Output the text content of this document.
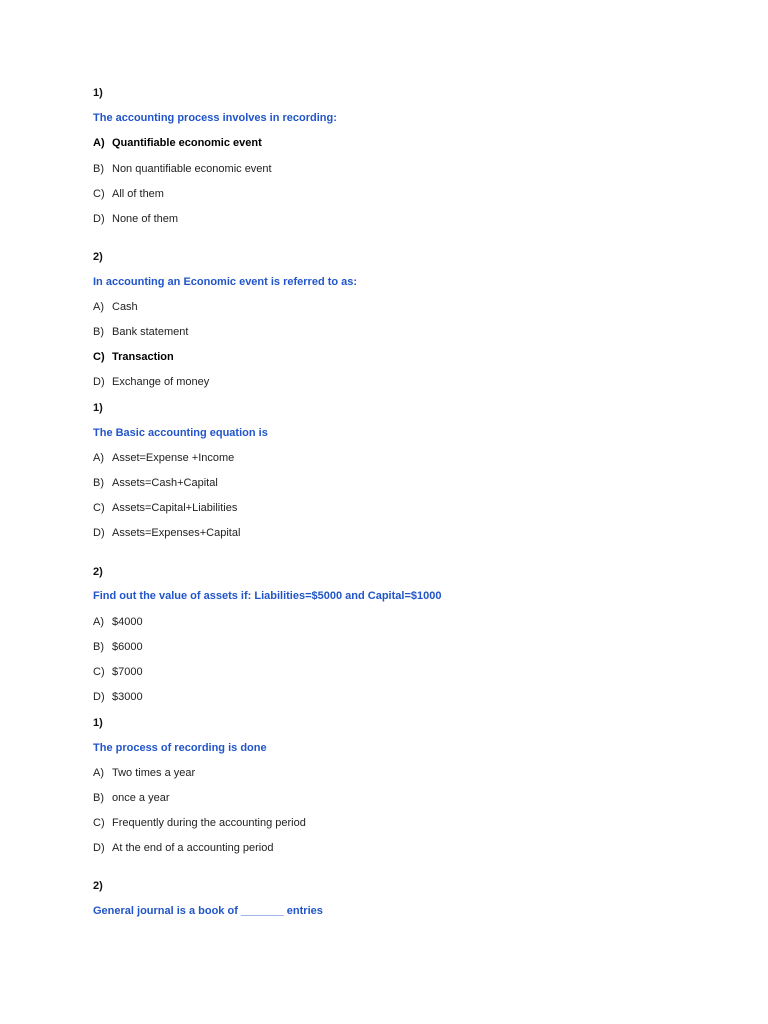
1)
The accounting process involves in recording:
A) Quantifiable economic event
B) Non quantifiable economic event
C) All of them
D) None of them
2)
In accounting an Economic event is referred to as:
A) Cash
B) Bank statement
C) Transaction
D) Exchange of money
1)
The Basic accounting equation is
A) Asset=Expense +Income
B) Assets=Cash+Capital
C) Assets=Capital+Liabilities
D) Assets=Expenses+Capital
2)
Find out the value of assets if: Liabilities=$5000 and Capital=$1000
A) $4000
B) $6000
C) $7000
D) $3000
1)
The process of recording is done
A) Two times a year
B) once a year
C) Frequently during the accounting period
D) At the end of a accounting period
2)
General journal is a book of _______ entries
